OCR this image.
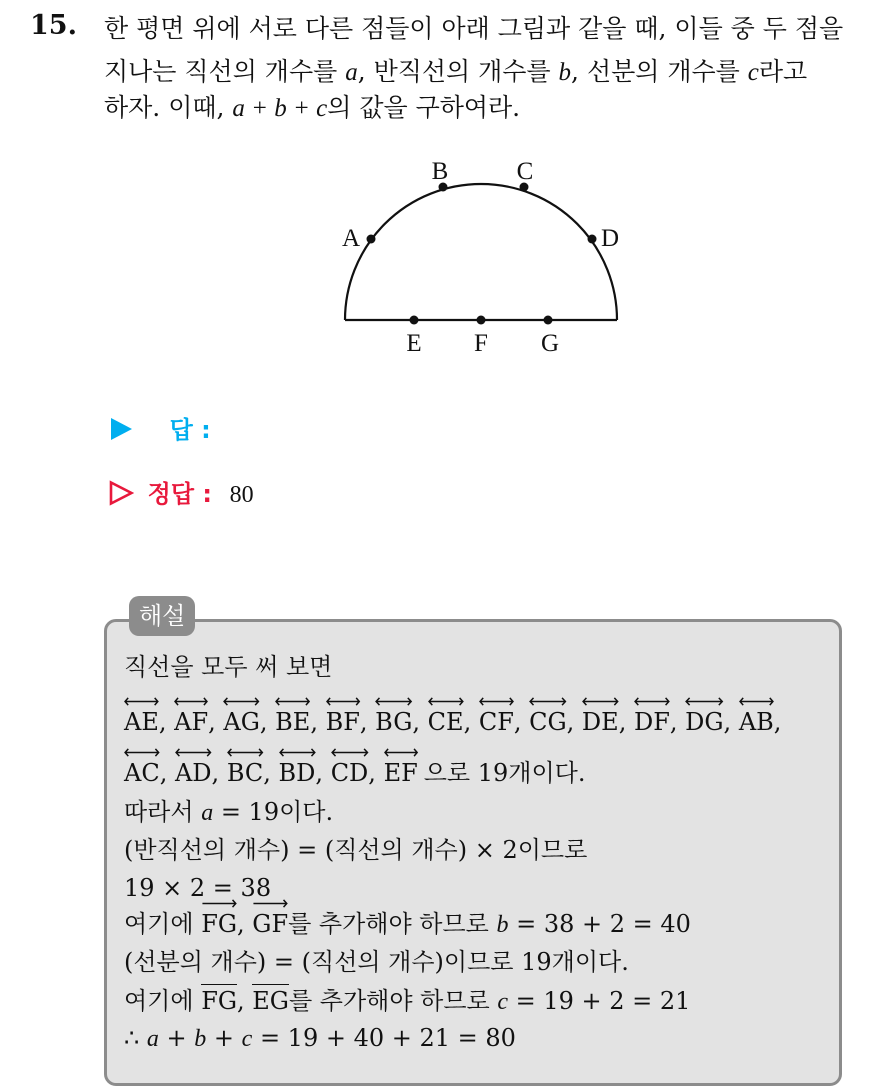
15. 한 평면 위에 서로 다른 점들이 아래 그림과 같을 때, 이들 중 두 점을
지나는 직선의 개수를 a, 반직선의 개수를 b, 선분의 개수를 c라고
하자. 이때, a + b + c의 값을 구하여라.
A
B	C
D
E F G
답 :
정답 : 80
해설
직선을 모두 써 보면
AE,
AF,
AG,
BE,
BF,
BG,
CE,
CF,
CG,
DE,
DF,
DG,
AB,
AC,
AD,
BC,
BD,
CD,
EF 으로 19개이다.
따라서 a = 19이다.
(반직선의 개수) = (직선의 개수) × 2이므로
19 × 2 = 38
여기에
FG,
GF를 추가해야 하므로 b = 38 + 2 = 40
(선분의 개수) = (직선의 개수)이므로 19개이다.
여기에 FG, EG를 추가해야 하므로 c = 19 + 2 = 21
∴ a + b + c = 19 + 40 + 21 = 80
